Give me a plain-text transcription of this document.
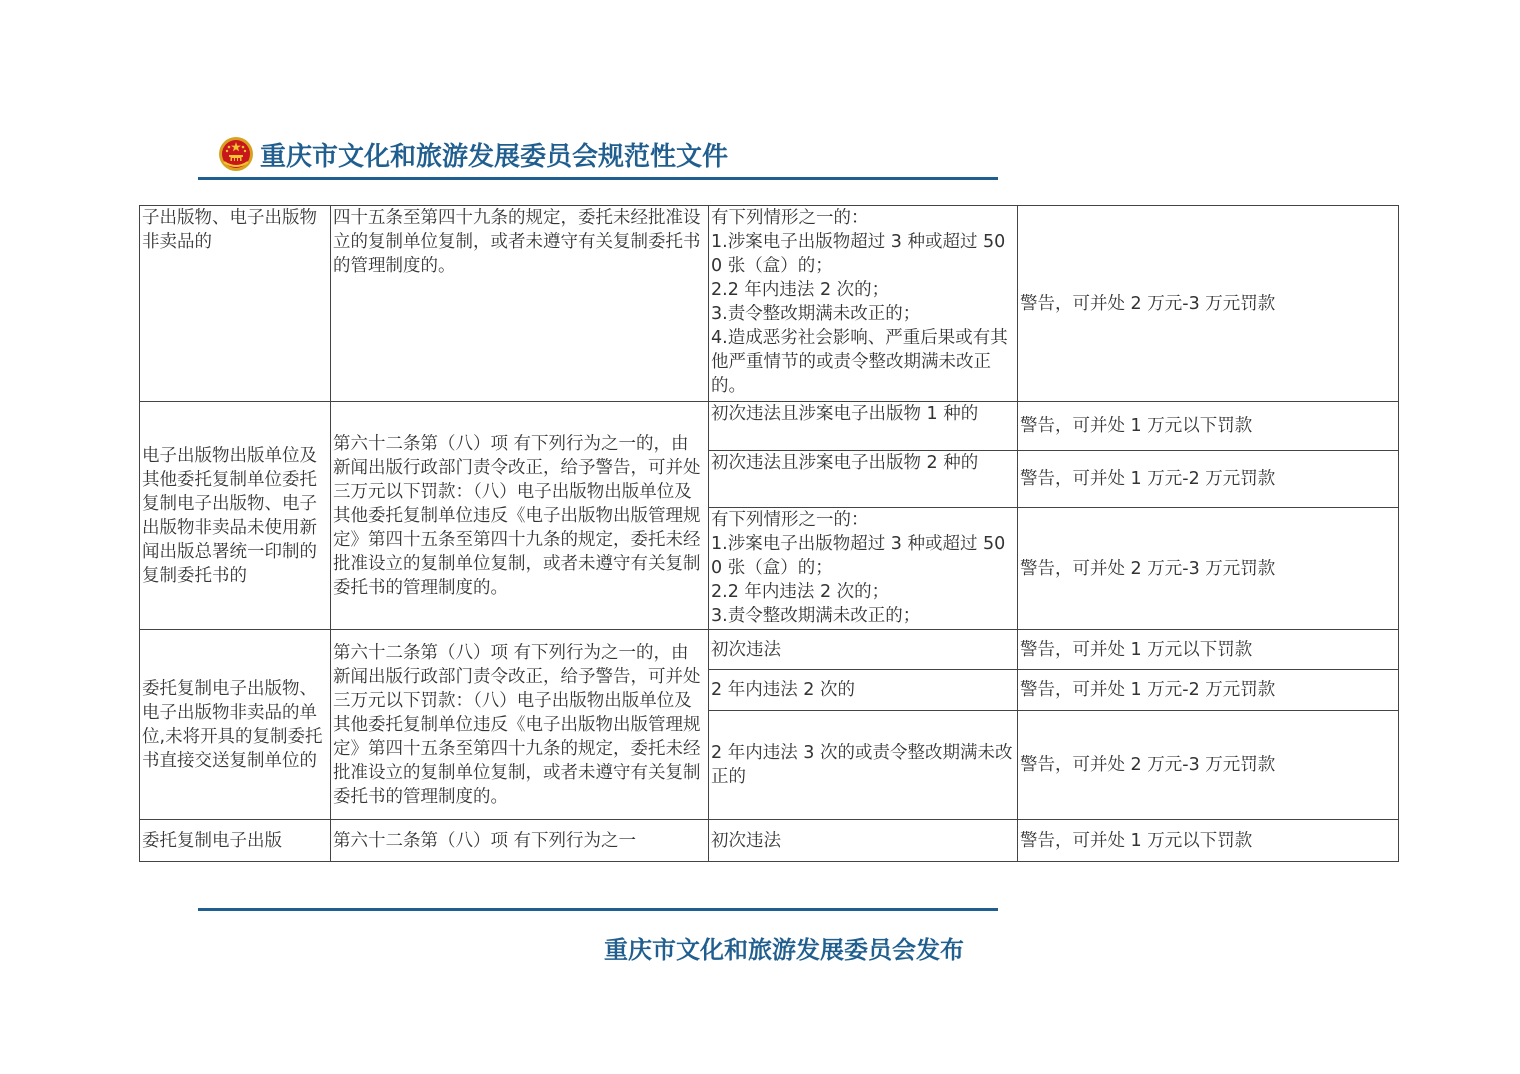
重庆市文化和旅游发展委员会规范性文件
子出版物、电子出版物非卖品的	四十五条至第四十九条的规定，委托未经批准设立的复制单位复制，或者未遵守有关复制委托书的管理制度的。	有下列情形之一的：
1.涉案电子出版物超过 3 种或超过 500 张（盒）的；
2.2 年内违法 2 次的；
3.责令整改期满未改正的；
4.造成恶劣社会影响、严重后果或有其他严重情节的或责令整改期满未改正的。	警告，可并处 2 万元-3 万元罚款
电子出版物出版单位及其他委托复制单位委托复制电子出版物、电子出版物非卖品未使用新闻出版总署统一印制的复制委托书的	第六十二条第（八）项 有下列行为之一的，由新闻出版行政部门责令改正，给予警告，可并处三万元以下罚款：（八）电子出版物出版单位及其他委托复制单位违反《电子出版物出版管理规定》第四十五条至第四十九条的规定，委托未经批准设立的复制单位复制，或者未遵守有关复制委托书的管理制度的。	初次违法且涉案电子出版物 1 种的	警告，可并处 1 万元以下罚款
		初次违法且涉案电子出版物 2 种的	警告，可并处 1 万元-2 万元罚款
		有下列情形之一的：
1.涉案电子出版物超过 3 种或超过 500 张（盒）的；
2.2 年内违法 2 次的；
3.责令整改期满未改正的；	警告，可并处 2 万元-3 万元罚款
委托复制电子出版物、电子出版物非卖品的单位,未将开具的复制委托书直接交送复制单位的	第六十二条第（八）项 有下列行为之一的，由新闻出版行政部门责令改正，给予警告，可并处三万元以下罚款：（八）电子出版物出版单位及其他委托复制单位违反《电子出版物出版管理规定》第四十五条至第四十九条的规定，委托未经批准设立的复制单位复制，或者未遵守有关复制委托书的管理制度的。	初次违法	警告，可并处 1 万元以下罚款
		2 年内违法 2 次的	警告，可并处 1 万元-2 万元罚款
		2 年内违法 3 次的或责令整改期满未改正的	警告，可并处 2 万元-3 万元罚款
委托复制电子出版	第六十二条第（八）项 有下列行为之一	初次违法	警告，可并处 1 万元以下罚款
重庆市文化和旅游发展委员会发布
